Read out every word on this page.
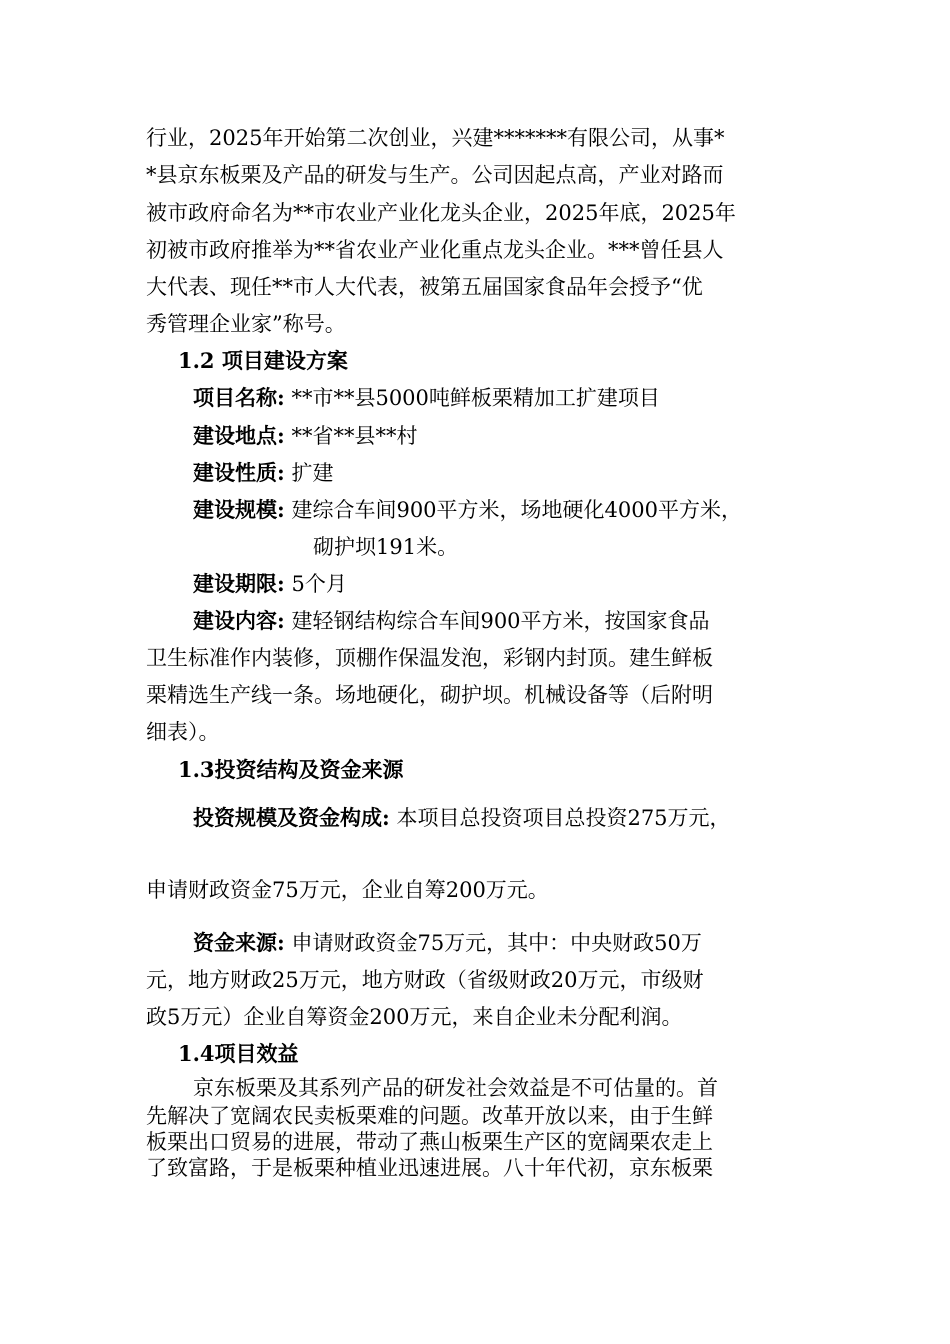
行业，2025年开始第二次创业，兴建*******有限公司，从事*

*县京东板栗及产品的研发与生产。公司因起点高，产业对路而

被市政府命名为**市农业产业化龙头企业，2025年底，2025年

初被市政府推举为**省农业产业化重点龙头企业。***曾任县人

大代表、现任**市人大代表，被第五届国家食品年会授予“优

秀管理企业家”称号。

1.2 项目建设方案

项目名称: **市**县5000吨鲜板栗精加工扩建项目

建设地点: **省**县**村

建设性质: 扩建

建设规模: 建综合车间900平方米，场地硬化4000平方米，

砌护坝191米。

建设期限: 5个月

建设内容: 建轻钢结构综合车间900平方米，按国家食品

卫生标准作内装修，顶棚作保温发泡，彩钢内封顶。建生鲜板

栗精选生产线一条。场地硬化，砌护坝。机械设备等（后附明

细表）。

1.3投资结构及资金来源

投资规模及资金构成: 本项目总投资项目总投资275万元，

申请财政资金75万元，企业自筹200万元。

资金来源: 申请财政资金75万元，其中：中央财政50万

元，地方财政25万元，地方财政（省级财政20万元，市级财

政5万元）企业自筹资金200万元，来自企业未分配利润。

1.4项目效益

京东板栗及其系列产品的研发社会效益是不可估量的。首

先解决了宽阔农民卖板栗难的问题。改革开放以来，由于生鲜

板栗出口贸易的进展，带动了燕山板栗生产区的宽阔栗农走上

了致富路，于是板栗种植业迅速进展。八十年代初，京东板栗
